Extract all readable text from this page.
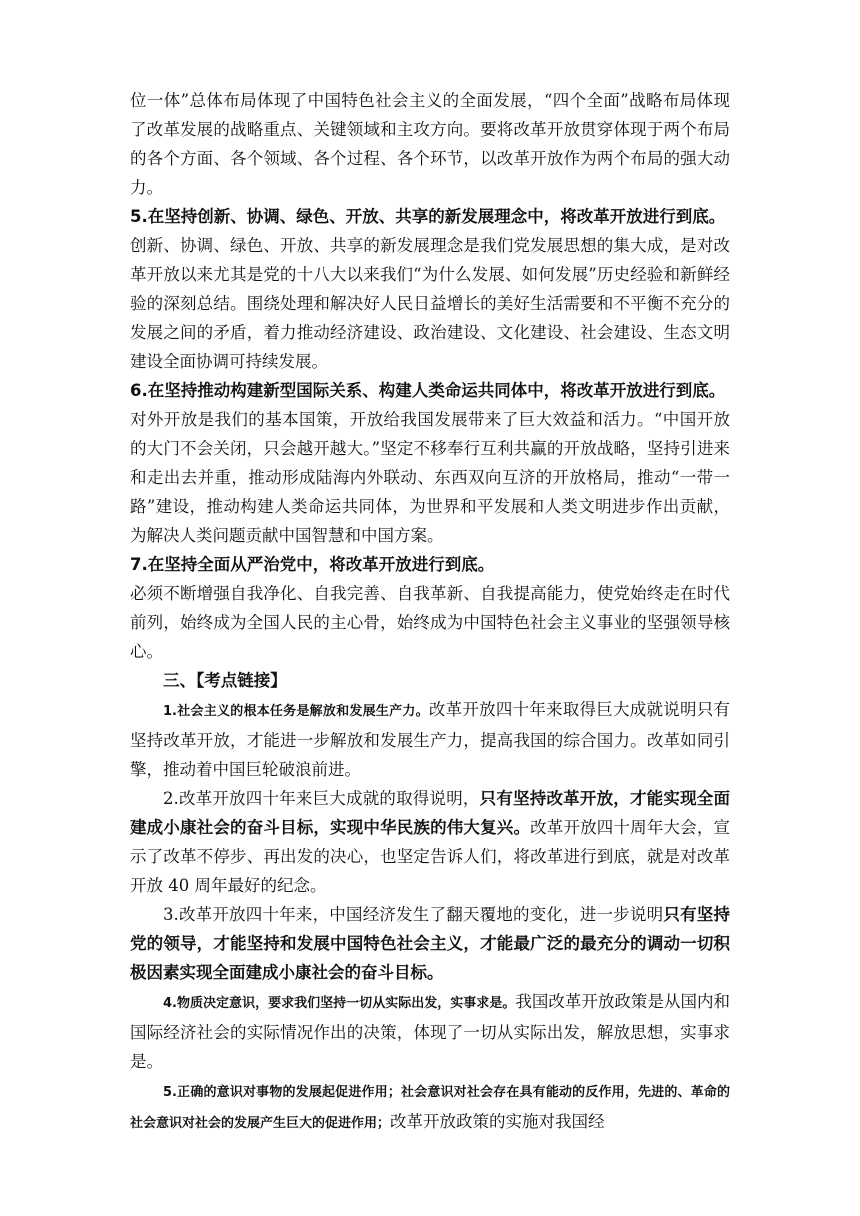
位一体”总体布局体现了中国特色社会主义的全面发展，“四个全面”战略布局体现了改革发展的战略重点、关键领域和主攻方向。要将改革开放贯穿体现于两个布局的各个方面、各个领域、各个过程、各个环节，以改革开放作为两个布局的强大动力。

5.在坚持创新、协调、绿色、开放、共享的新发展理念中，将改革开放进行到底。

创新、协调、绿色、开放、共享的新发展理念是我们党发展思想的集大成，是对改革开放以来尤其是党的十八大以来我们“为什么发展、如何发展”历史经验和新鲜经验的深刻总结。围绕处理和解决好人民日益增长的美好生活需要和不平衡不充分的发展之间的矛盾，着力推动经济建设、政治建设、文化建设、社会建设、生态文明建设全面协调可持续发展。

6.在坚持推动构建新型国际关系、构建人类命运共同体中，将改革开放进行到底。

对外开放是我们的基本国策，开放给我国发展带来了巨大效益和活力。“中国开放的大门不会关闭，只会越开越大。”坚定不移奉行互利共赢的开放战略，坚持引进来和走出去并重，推动形成陆海内外联动、东西双向互济的开放格局，推动“一带一路”建设，推动构建人类命运共同体，为世界和平发展和人类文明进步作出贡献，为解决人类问题贡献中国智慧和中国方案。

7.在坚持全面从严治党中，将改革开放进行到底。

必须不断增强自我净化、自我完善、自我革新、自我提高能力，使党始终走在时代前列，始终成为全国人民的主心骨，始终成为中国特色社会主义事业的坚强领导核心。

三、【考点链接】

1.社会主义的根本任务是解放和发展生产力。改革开放四十年来取得巨大成就说明只有坚持改革开放，才能进一步解放和发展生产力，提高我国的综合国力。改革如同引擎，推动着中国巨轮破浪前进。

2.改革开放四十年来巨大成就的取得说明，只有坚持改革开放，才能实现全面建成小康社会的奋斗目标，实现中华民族的伟大复兴。改革开放四十周年大会，宣示了改革不停步、再出发的决心，也坚定告诉人们，将改革进行到底，就是对改革开放 40 周年最好的纪念。

3.改革开放四十年来，中国经济发生了翻天覆地的变化，进一步说明只有坚持党的领导，才能坚持和发展中国特色社会主义，才能最广泛的最充分的调动一切积极因素实现全面建成小康社会的奋斗目标。

4.物质决定意识，要求我们坚持一切从实际出发，实事求是。我国改革开放政策是从国内和国际经济社会的实际情况作出的决策，体现了一切从实际出发，解放思想，实事求是。

5.正确的意识对事物的发展起促进作用；社会意识对社会存在具有能动的反作用，先进的、革命的社会意识对社会的发展产生巨大的促进作用；改革开放政策的实施对我国经
